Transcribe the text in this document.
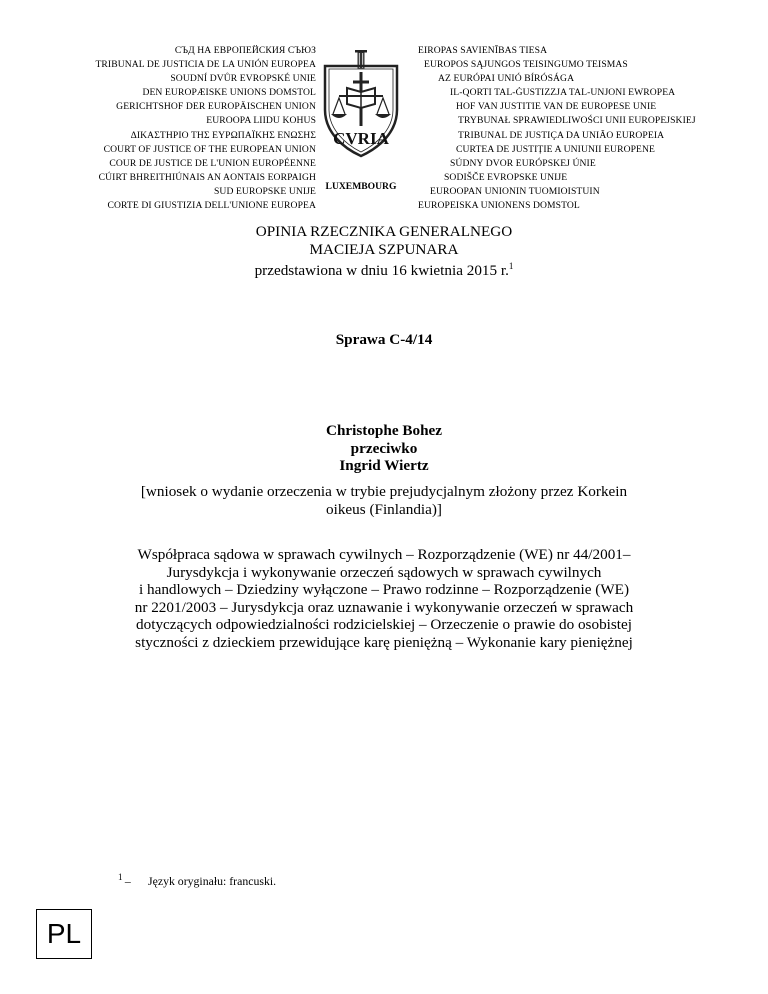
СЪД НА ЕВРОПЕЙСКИЯ СЪЮЗ
TRIBUNAL DE JUSTICIA DE LA UNIÓN EUROPEA
SOUDNÍ DVŮR EVROPSKÉ UNIE
DEN EUROPÆISKE UNIONS DOMSTOL
GERICHTSHOF DER EUROPÄISCHEN UNION
EUROOPA LIIDU KOHUS
ΔΙΚΑΣΤΗΡΙΟ ΤΗΣ ΕΥΡΩΠΑΪΚΗΣ ΕΝΩΣΗΣ
COURT OF JUSTICE OF THE EUROPEAN UNION
COUR DE JUSTICE DE L'UNION EUROPÉENNE
CÚIRT BHREITHIÚNAIS AN AONTAIS EORPAIGH
SUD EUROPSKE UNIJE
CORTE DI GIUSTIZIA DELL'UNIONE EUROPEA
CVRIA
LUXEMBOURG
EIROPAS SAVIENĪBAS TIESA
EUROPOS SĄJUNGOS TEISINGUMO TEISMAS
AZ EURÓPAI UNIÓ BÍRÓSÁGA
IL-QORTI TAL-ĠUSTIZZJA TAL-UNJONI EWROPEA
HOF VAN JUSTITIE VAN DE EUROPESE UNIE
TRYBUNAŁ SPRAWIEDLIWOŚCI UNII EUROPEJSKIEJ
TRIBUNAL DE JUSTIÇA DA UNIÃO EUROPEIA
CURTEA DE JUSTIȚIE A UNIUNII EUROPENE
SÚDNY DVOR EURÓPSKEJ ÚNIE
SODIŠČE EVROPSKE UNIJE
EUROOPAN UNIONIN TUOMIOISTUIN
EUROPEISKA UNIONENS DOMSTOL
OPINIA RZECZNIKA GENERALNEGO
MACIEJA SZPUNARA
przedstawiona w dniu 16 kwietnia 2015 r.$^1$
Sprawa C-4/14
Christophe Bohez
przeciwko
Ingrid Wiertz
[wniosek o wydanie orzeczenia w trybie prejudycjalnym złożony przez Korkein
oikeus (Finlandia)]
Współpraca sądowa w sprawach cywilnych – Rozporządzenie (WE) nr 44/2001–
Jurysdykcja i wykonywanie orzeczeń sądowych w sprawach cywilnych
i handlowych – Dziedziny wyłączone – Prawo rodzinne – Rozporządzenie (WE)
nr 2201/2003 – Jurysdykcja oraz uznawanie i wykonywanie orzeczeń w sprawach
dotyczących odpowiedzialności rodzicielskiej – Orzeczenie o prawie do osobistej
styczności z dzieckiem przewidujące karę pieniężną – Wykonanie kary pieniężnej
$^1$  – Język oryginału: francuski.
PL
